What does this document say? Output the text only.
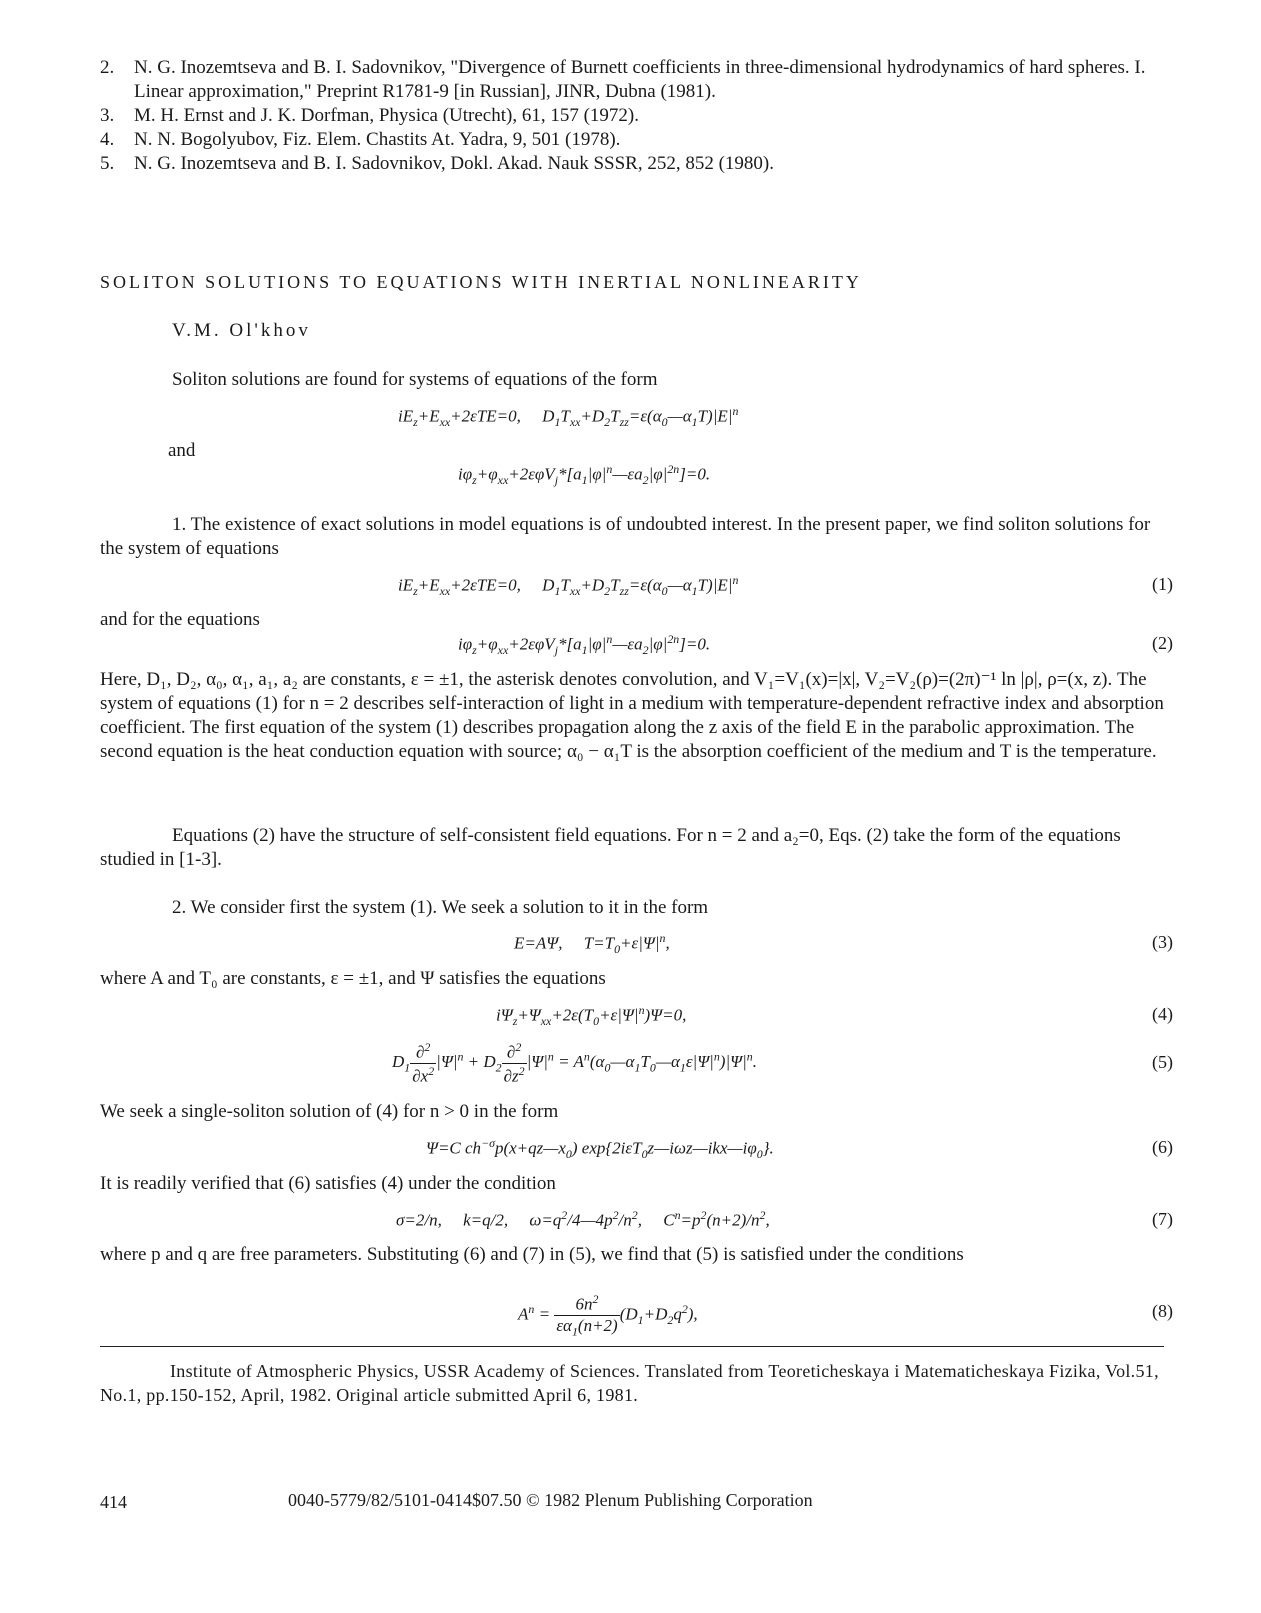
2.	N. G. Inozemtseva and B. I. Sadovnikov, "Divergence of Burnett coefficients in three-dimensional hydrodynamics of hard spheres. I. Linear approximation," Preprint R1781-9 [in Russian], JINR, Dubna (1981).
3.	M. H. Ernst and J. K. Dorfman, Physica (Utrecht), 61, 157 (1972).
4.	N. N. Bogolyubov, Fiz. Elem. Chastits At. Yadra, 9, 501 (1978).
5.	N. G. Inozemtseva and B. I. Sadovnikov, Dokl. Akad. Nauk SSSR, 252, 852 (1980).
SOLITON SOLUTIONS TO EQUATIONS WITH INERTIAL NONLINEARITY
V.M. Ol'khov
Soliton solutions are found for systems of equations of the form
$iE_z+E_{xx}+2\varepsilon TE=0$,     $D_1T_{xx}+D_2T_{zz}=\varepsilon(\alpha_0—\alpha_1T)|E|^n$
and
$i\varphi_z+\varphi_{xx}+2\varepsilon\varphi V_j*[a_1|\varphi|^n—\varepsilon a_2|\varphi|^{2n}]=0$.
1. The existence of exact solutions in model equations is of undoubted interest. In the present paper, we find soliton solutions for the system of equations
$iE_z+E_{xx}+2\varepsilon TE=0$,     $D_1T_{xx}+D_2T_{zz}=\varepsilon(\alpha_0—\alpha_1T)|E|^n$	(1)
and for the equations
$i\varphi_z+\varphi_{xx}+2\varepsilon\varphi V_j*[a_1|\varphi|^n—\varepsilon a_2|\varphi|^{2n}]=0$.	(2)
Here, D₁, D₂, α₀, α₁, a₁, a₂ are constants, ε = ±1, the asterisk denotes convolution, and V₁=V₁(x)=|x|, V₂=V₂(ρ)=(2π)⁻¹ ln |ρ|, ρ=(x, z). The system of equations (1) for n = 2 describes self-interaction of light in a medium with temperature-dependent refractive index and absorption coefficient. The first equation of the system (1) describes propagation along the z axis of the field E in the parabolic approximation. The second equation is the heat conduction equation with source; α₀ − α₁T is the absorption coefficient of the medium and T is the temperature.
Equations (2) have the structure of self-consistent field equations. For n = 2 and a₂=0, Eqs. (2) take the form of the equations studied in [1-3].
2. We consider first the system (1). We seek a solution to it in the form
E=AΨ,     $T=T_0+\varepsilon|\Psi|^n$,	(3)
where A and T₀ are constants, ε = ±1, and Ψ satisfies the equations
$i\Psi_z+\Psi_{xx}+2\varepsilon(T_0+\varepsilon|\Psi|^n)\Psi=0$,	(4)
$D_1 \frac{\partial^2}{\partial x^2} |\Psi|^n + D_2 \frac{\partial^2}{\partial z^2} |\Psi|^n$ = $A^n(\alpha_0—\alpha_1T_0—\alpha_1\varepsilon|\Psi|^n)|\Psi|^n$.	(5)
We seek a single-soliton solution of (4) for n > 0 in the form
Ψ=C $ch^{-\sigma}p(x+qz—x_0)$ $\exp\{2i\varepsilon T_0z—i\omega z—ikx—i\varphi_0\}$.	(6)
It is readily verified that (6) satisfies (4) under the condition
σ=2/n,     k=q/2,     $\omega=q^2/4—4p^2/n^2$,     $C^n=p^2(n+2)/n^2$,	(7)
where p and q are free parameters. Substituting (6) and (7) in (5), we find that (5) is satisfied under the conditions
$A^n = \frac{6n^2}{\varepsilon\alpha_1(n+2)} (D_1+D_2q^2)$,	(8)
Institute of Atmospheric Physics, USSR Academy of Sciences. Translated from Teoreticheskaya i Matematicheskaya Fizika, Vol.51, No.1, pp.150-152, April, 1982. Original article submitted April 6, 1981.
414	0040-5779/82/5101-0414$07.50 © 1982 Plenum Publishing Corporation
